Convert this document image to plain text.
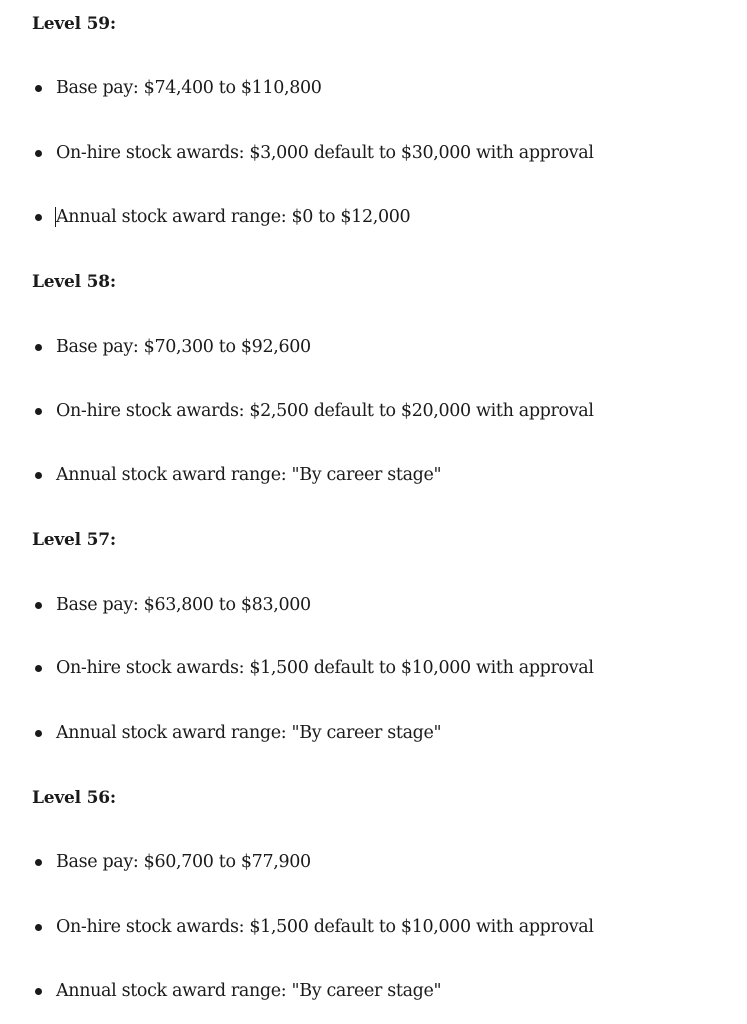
Level 59:
Base pay: $74,400 to $110,800
On-hire stock awards: $3,000 default to $30,000 with approval
Annual stock award range: $0 to $12,000
Level 58:
Base pay: $70,300 to $92,600
On-hire stock awards: $2,500 default to $20,000 with approval
Annual stock award range: "By career stage"
Level 57:
Base pay: $63,800 to $83,000
On-hire stock awards: $1,500 default to $10,000 with approval
Annual stock award range: "By career stage"
Level 56:
Base pay: $60,700 to $77,900
On-hire stock awards: $1,500 default to $10,000 with approval
Annual stock award range: "By career stage"
